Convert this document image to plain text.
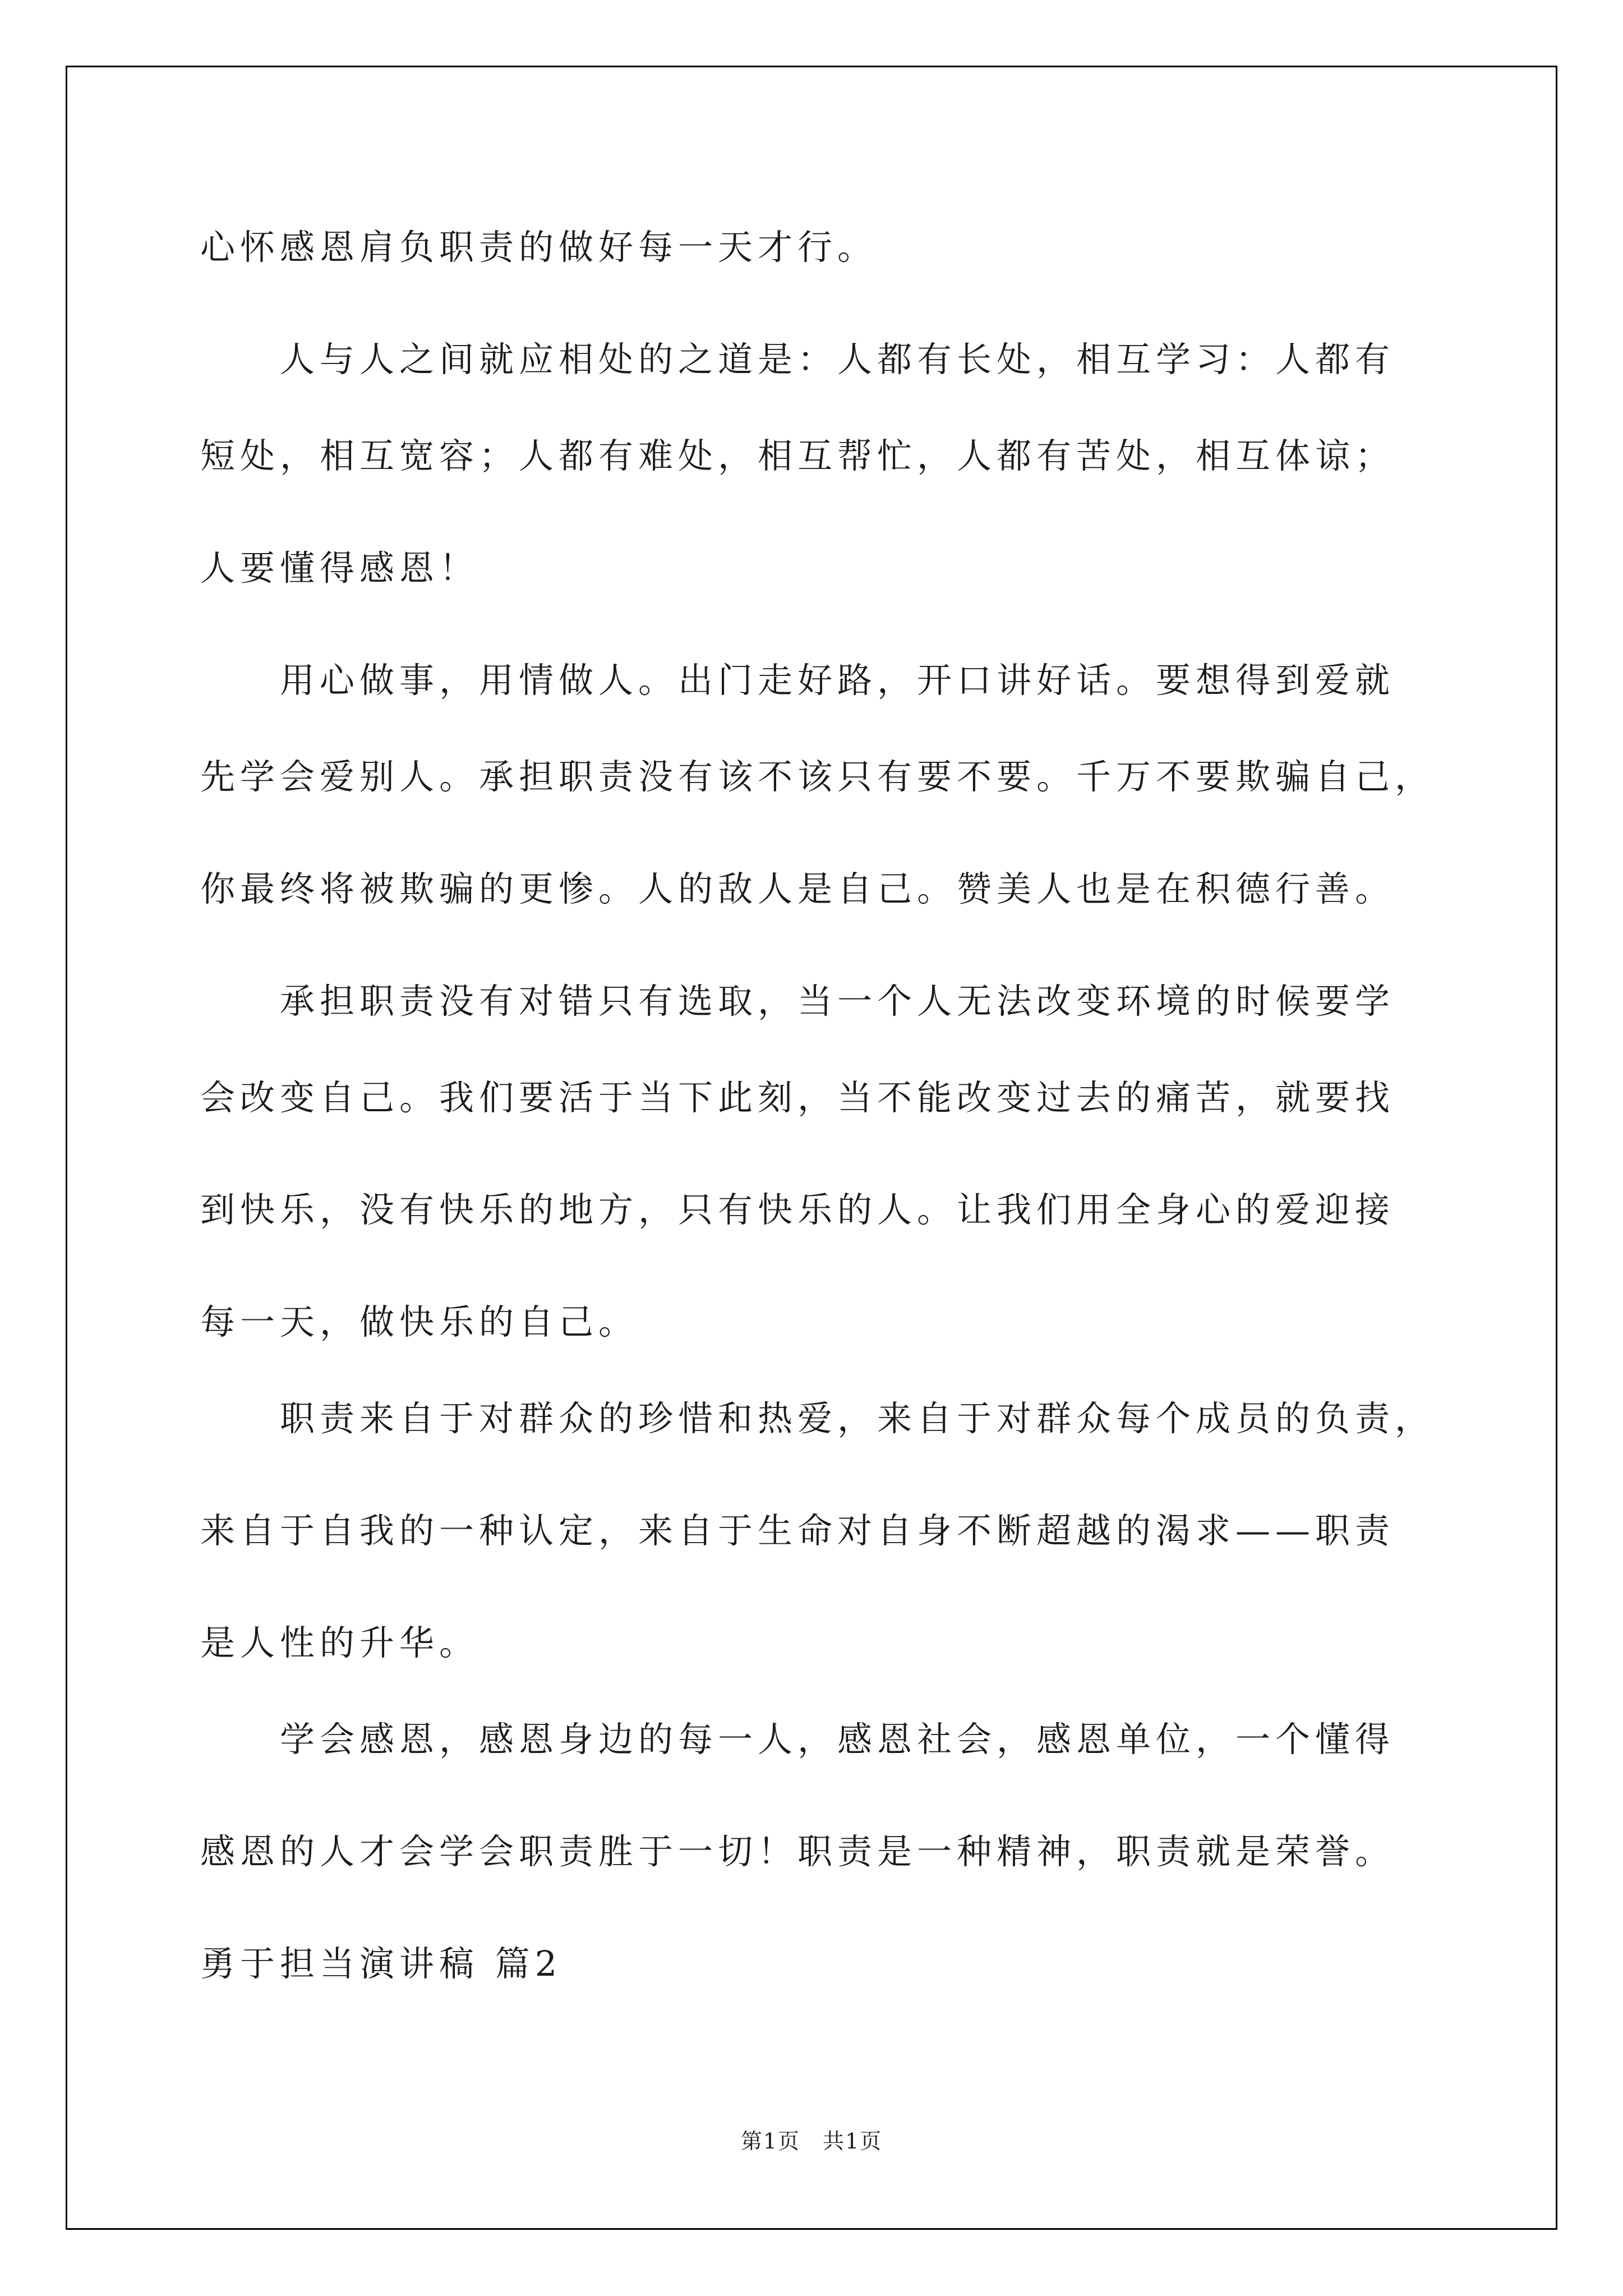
心怀感恩肩负职责的做好每一天才行。
　　人与人之间就应相处的之道是：人都有长处，相互学习：人都有
短处，相互宽容；人都有难处，相互帮忙，人都有苦处，相互体谅；
人要懂得感恩！
　　用心做事，用情做人。出门走好路，开口讲好话。要想得到爱就
先学会爱别人。承担职责没有该不该只有要不要。千万不要欺骗自己，
你最终将被欺骗的更惨。人的敌人是自己。赞美人也是在积德行善。
　　承担职责没有对错只有选取，当一个人无法改变环境的时候要学
会改变自己。我们要活于当下此刻，当不能改变过去的痛苦，就要找
到快乐，没有快乐的地方，只有快乐的人。让我们用全身心的爱迎接
每一天，做快乐的自己。
　　职责来自于对群众的珍惜和热爱，来自于对群众每个成员的负责，
来自于自我的一种认定，来自于生命对自身不断超越的渴求——职责
是人性的升华。
　　学会感恩，感恩身边的每一人，感恩社会，感恩单位，一个懂得
感恩的人才会学会职责胜于一切！职责是一种精神，职责就是荣誉。
勇于担当演讲稿 篇2
第1页　共1页
